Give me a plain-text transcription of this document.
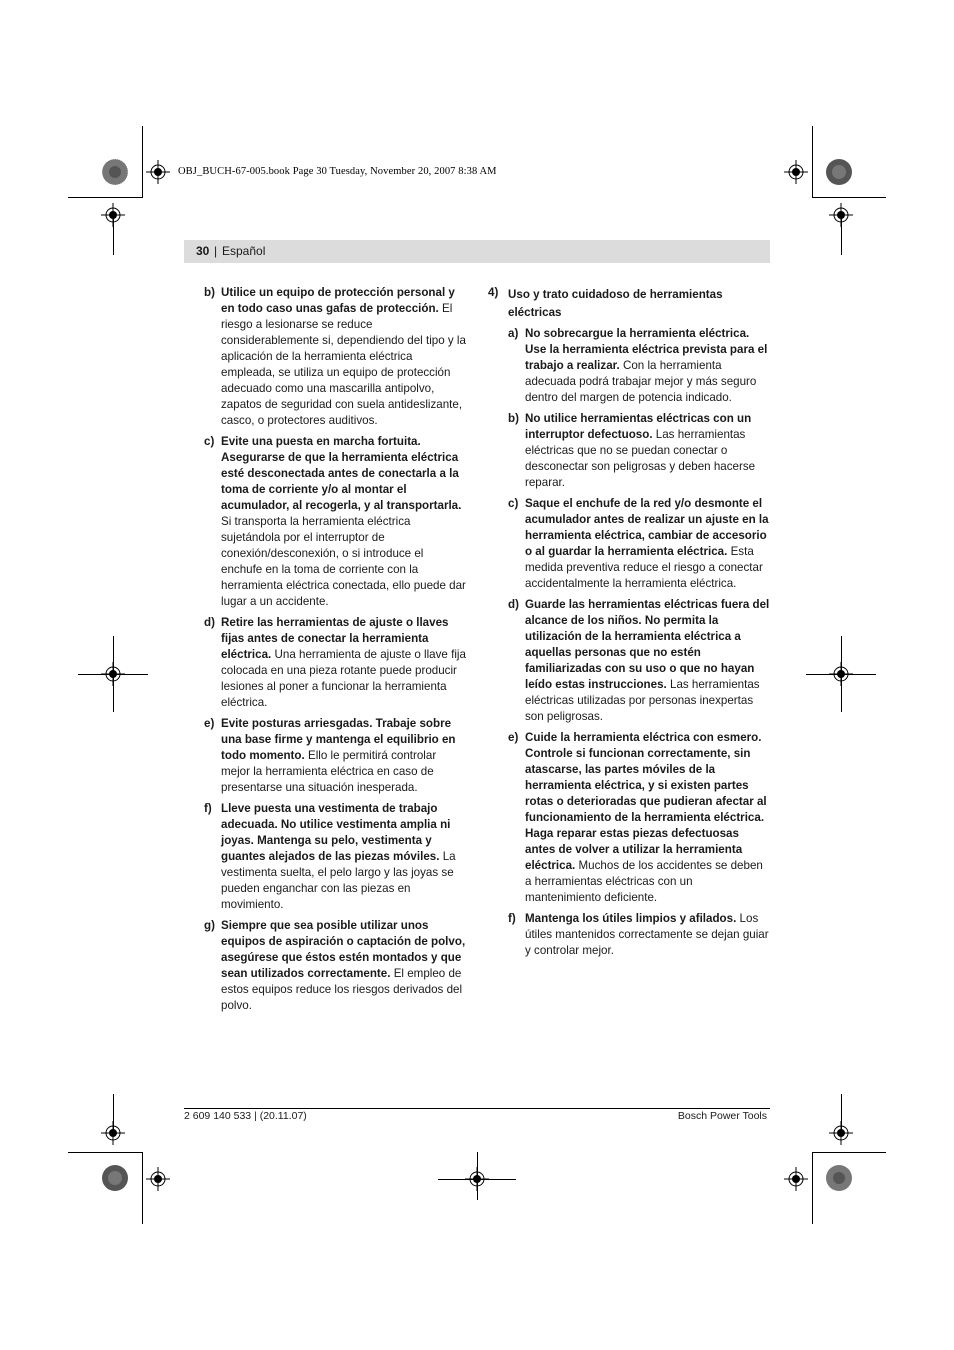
OBJ_BUCH-67-005.book Page 30 Tuesday, November 20, 2007 8:38 AM
30 | Español
b) Utilice un equipo de protección personal y en todo caso unas gafas de protección. El riesgo a lesionarse se reduce considerablemente si, dependiendo del tipo y la aplicación de la herramienta eléctrica empleada, se utiliza un equipo de protección adecuado como una mascarilla antipolvo, zapatos de seguridad con suela antideslizante, casco, o protectores auditivos.

c) Evite una puesta en marcha fortuita. Asegurarse de que la herramienta eléctrica esté desconectada antes de conectarla a la toma de corriente y/o al montar el acumulador, al recogerla, y al transportarla. Si transporta la herramienta eléctrica sujetándola por el interruptor de conexión/desconexión, o si introduce el enchufe en la toma de corriente con la herramienta eléctrica conectada, ello puede dar lugar a un accidente.

d) Retire las herramientas de ajuste o llaves fijas antes de conectar la herramienta eléctrica. Una herramienta de ajuste o llave fija colocada en una pieza rotante puede producir lesiones al poner a funcionar la herramienta eléctrica.

e) Evite posturas arriesgadas. Trabaje sobre una base firme y mantenga el equilibrio en todo momento. Ello le permitirá controlar mejor la herramienta eléctrica en caso de presentarse una situación inesperada.

f) Lleve puesta una vestimenta de trabajo adecuada. No utilice vestimenta amplia ni joyas. Mantenga su pelo, vestimenta y guantes alejados de las piezas móviles. La vestimenta suelta, el pelo largo y las joyas se pueden enganchar con las piezas en movimiento.

g) Siempre que sea posible utilizar unos equipos de aspiración o captación de polvo, asegúrese que éstos estén montados y que sean utilizados correctamente. El empleo de estos equipos reduce los riesgos derivados del polvo.

4) Uso y trato cuidadoso de herramientas eléctricas
a) No sobrecargue la herramienta eléctrica. Use la herramienta eléctrica prevista para el trabajo a realizar. Con la herramienta adecuada podrá trabajar mejor y más seguro dentro del margen de potencia indicado.

b) No utilice herramientas eléctricas con un interruptor defectuoso. Las herramientas eléctricas que no se puedan conectar o desconectar son peligrosas y deben hacerse reparar.

c) Saque el enchufe de la red y/o desmonte el acumulador antes de realizar un ajuste en la herramienta eléctrica, cambiar de accesorio o al guardar la herramienta eléctrica. Esta medida preventiva reduce el riesgo a conectar accidentalmente la herramienta eléctrica.

d) Guarde las herramientas eléctricas fuera del alcance de los niños. No permita la utilización de la herramienta eléctrica a aquellas personas que no estén familiarizadas con su uso o que no hayan leído estas instrucciones. Las herramientas eléctricas utilizadas por personas inexpertas son peligrosas.

e) Cuide la herramienta eléctrica con esmero. Controle si funcionan correctamente, sin atascarse, las partes móviles de la herramienta eléctrica, y si existen partes rotas o deterioradas que pudieran afectar al funcionamiento de la herramienta eléctrica. Haga reparar estas piezas defectuosas antes de volver a utilizar la herramienta eléctrica. Muchos de los accidentes se deben a herramientas eléctricas con un mantenimiento deficiente.

f) Mantenga los útiles limpios y afilados. Los útiles mantenidos correctamente se dejan guiar y controlar mejor.

2 609 140 533 | (20.11.07)	Bosch Power Tools
